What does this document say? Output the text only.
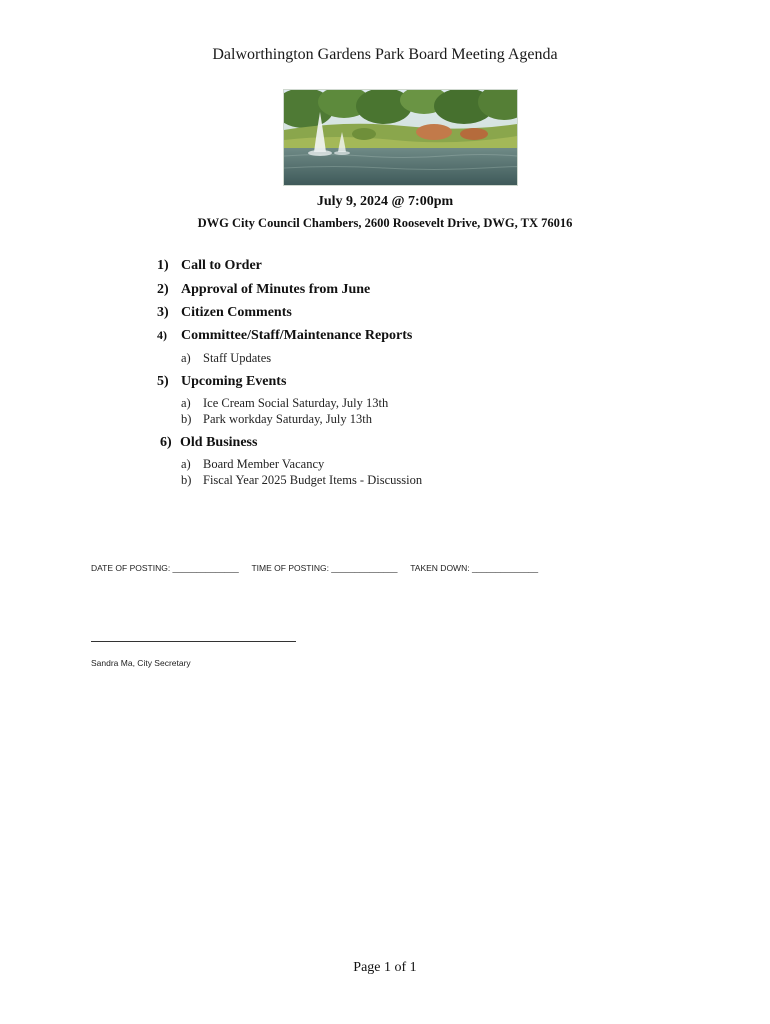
Dalworthington Gardens Park Board Meeting Agenda
July 9, 2024 @ 7:00pm
DWG City Council Chambers, 2600 Roosevelt Drive, DWG, TX 76016
1) Call to Order
2) Approval of Minutes from June
3) Citizen Comments
4) Committee/Staff/Maintenance Reports
a) Staff Updates
5) Upcoming Events
a) Ice Cream Social Saturday, July 13th
b) Park workday Saturday, July 13th
6) Old Business
a) Board Member Vacancy
b) Fiscal Year 2025 Budget Items - Discussion
DATE OF POSTING: ______________ TIME OF POSTING: ______________ TAKEN DOWN: ______________
Sandra Ma, City Secretary
Page 1 of 1
